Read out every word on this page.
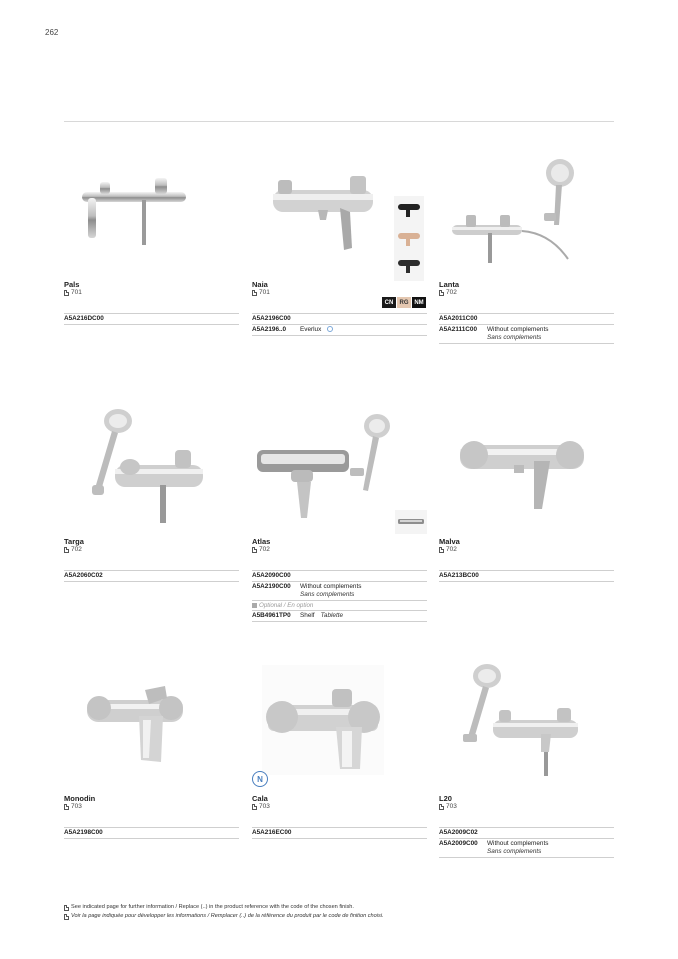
262
Pals
701
A5A216DC00
CN	RG NM
Naia
701
A5A2196C00
A5A2196..0	Everlux
Lanta
702
A5A2011C00
A5A2111C00	Without complements
Sans complements
Targa
702
A5A2060C02
Atlas
702
A5A2090C00
A5A2190C00	Without complements
Sans complements
Optional / En option
A5B4961TP0	Shelf Tablette
Malva
702
A5A213BC00
Monodin
703
A5A2198C00
N
Cala
703
A5A216EC00
L20
703
A5A2009C02
A5A2009C00	Without complements
Sans complements
See indicated page for further information / Replace (..) in the product reference with the code of the chosen finish.
Voir la page indiquée pour développer les informations / Remplacer (..) de la référence du produit par le code de finition choisi.
